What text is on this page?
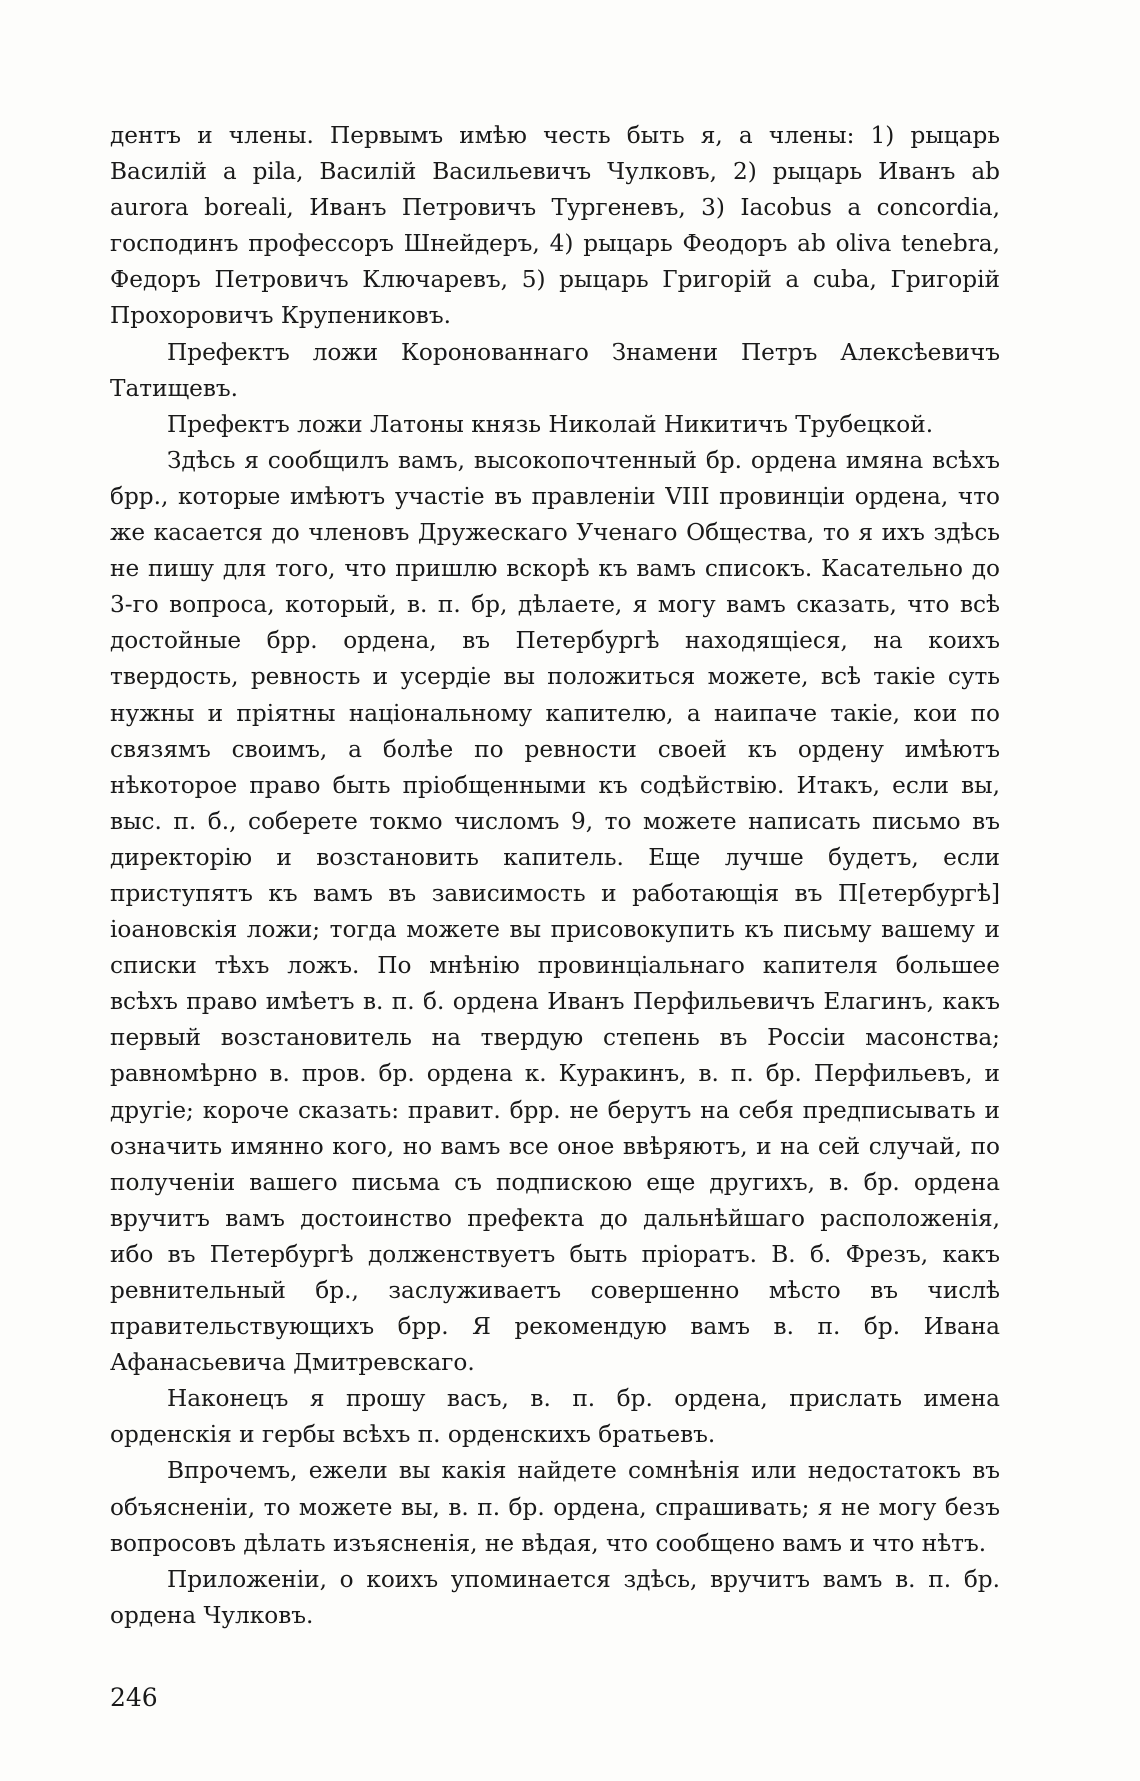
дентъ и члены. Первымъ имѣю честь быть я, а члены: 1) рыцарь Василiй a pila, Василiй Васильевичъ Чулковъ, 2) рыцарь Иванъ ab aurora boreali, Иванъ Петровичъ Тургеневъ, 3) Iacobus a concordia, господинъ профессоръ Шнейдеръ, 4) рыцарь Феодоръ ab oliva tenebra, Федоръ Петровичъ Ключаревъ, 5) рыцарь Григорiй a cuba, Григорiй Прохоровичъ Крупениковъ.

Префектъ ложи Коронованнаго Знамени Петръ Алексѣевичъ Татищевъ.

Префектъ ложи Латоны князь Николай Никитичъ Трубецкой.

Здѣсь я сообщилъ вамъ, высокопочтенный бр. ордена имяна всѣхъ брр., которые имѣютъ участiе въ правленiи VIII провинцiи ордена, что же касается до членовъ Дружескаго Ученаго Общества, то я ихъ здѣсь не пишу для того, что пришлю вскорѣ къ вамъ списокъ. Касательно до 3-го вопроса, который, в. п. бр, дѣлаете, я могу вамъ сказать, что всѣ достойные брр. ордена, въ Петербургѣ находящiеся, на коихъ твердость, ревность и усердiе вы положиться можете, всѣ такiе суть нужны и прiятны нацiональному капителю, а наипаче такiе, кои по связямъ своимъ, а болѣе по ревности своей къ ордену имѣютъ нѣкоторое право быть прiобщенными къ содѣйствiю. Итакъ, если вы, выс. п. б., соберете токмо числомъ 9, то можете написать письмо въ директорiю и возстановить капитель. Еще лучше будетъ, если приступятъ къ вамъ въ зависимость и работающiя въ П[етербургѣ] iоановскiя ложи; тогда можете вы присовокупить къ письму вашему и списки тѣхъ ложъ. По мнѣнiю провинцiальнаго капителя большее всѣхъ право имѣетъ в. п. б. ордена Иванъ Перфильевичъ Елагинъ, какъ первый возстановитель на твердую степень въ Россiи масонства; равномѣрно в. пров. бр. ордена к. Куракинъ, в. п. бр. Перфильевъ, и другiе; короче сказать: правит. брр. не берутъ на себя предписывать и означить имянно кого, но вамъ все оное ввѣряютъ, и на сей случай, по полученiи вашего письма съ подпискою еще другихъ, в. бр. ордена вручитъ вамъ достоинство префекта до дальнѣйшаго расположенiя, ибо въ Петербургѣ долженствуетъ быть прiоратъ. В. б. Фрезъ, какъ ревнительный бр., заслуживаетъ совершенно мѣсто въ числѣ правительствующихъ брр. Я рекомендую вамъ в. п. бр. Ивана Афанасьевича Дмитревскаго.

Наконецъ я прошу васъ, в. п. бр. ордена, прислать имена орденскiя и гербы всѣхъ п. орденскихъ братьевъ.

Впрочемъ, ежели вы какiя найдете сомнѣнiя или недостатокъ въ объясненiи, то можете вы, в. п. бр. ордена, спрашивать; я не могу безъ вопросовъ дѣлать изъясненiя, не вѣдая, что сообщено вамъ и что нѣтъ.

Приложенiи, о коихъ упоминается здѣсь, вручитъ вамъ в. п. бр. ордена Чулковъ.

246
